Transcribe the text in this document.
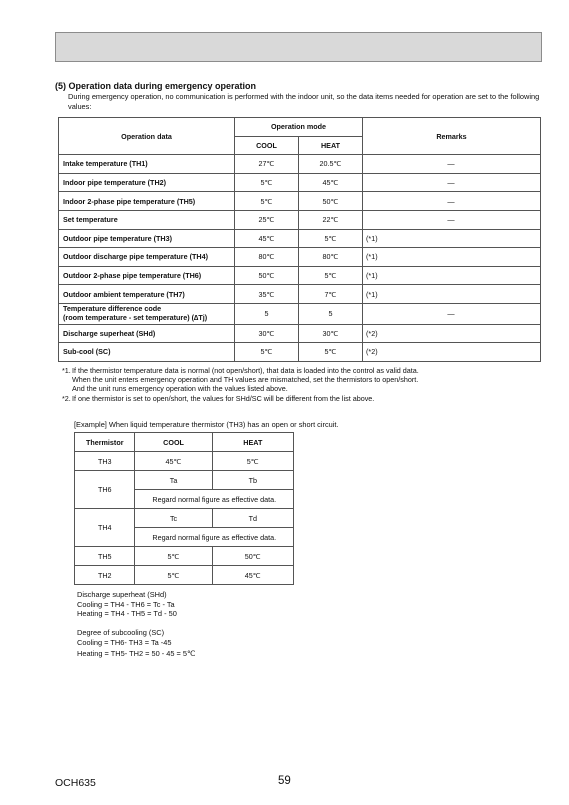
(5) Operation data during emergency operation
During emergency operation, no communication is performed with the indoor unit, so the data items needed for operation are set to the following values:
Operation data	Operation mode		Remarks
	COOL	HEAT	
Intake temperature (TH1)	27℃	20.5℃	—
Indoor pipe temperature (TH2)	5℃	45℃	—
Indoor 2-phase pipe temperature (TH5)	5℃	50℃	—
Set temperature	25℃	22℃	—
Outdoor pipe temperature (TH3)	45℃	5℃	(*1)
Outdoor discharge pipe temperature (TH4)	80℃	80℃	(*1)
Outdoor 2-phase pipe temperature (TH6)	50℃	5℃	(*1)
Outdoor ambient temperature (TH7)	35℃	7℃	(*1)

Temperature difference code
(room temperature - set temperature) (∆Tj)	5	5	—
Discharge superheat (SHd)	30℃	30℃	(*2)
Sub-cool (SC)	5℃	5℃	(*2)
*1. If the thermistor temperature data is normal (not open/short), that data is loaded into the control as valid data.
When the unit enters emergency operation and TH values are mismatched, set the thermistors to open/short.
And the unit runs emergency operation with the values listed above.
*2. If one thermistor is set to open/short, the values for SHd/SC will be different from the list above.
[Example] When liquid temperature thermistor (TH3) has an open or short circuit.
Thermistor	COOL	HEAT
TH3	45℃	5℃
TH6	Ta	Tb
	Regard normal figure as effective data.	
TH4	Tc	Td
	Regard normal figure as effective data.	
TH5	5℃	50℃
TH2	5℃	45℃
Discharge superheat (SHd)
Cooling = TH4 - TH6 = Tc - Ta
Heating = TH4 - TH5 = Td - 50
Degree of subcooling (SC)
Cooling = TH6- TH3 = Ta -45
Heating = TH5- TH2 = 50 - 45 = 5℃
OCH635	59
